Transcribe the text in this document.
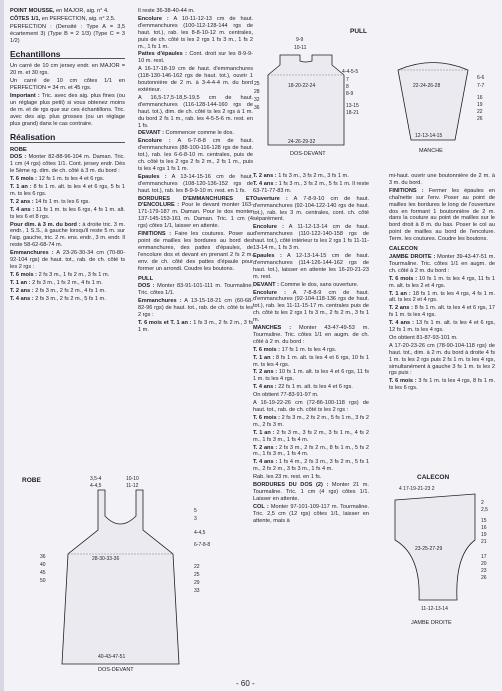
POINT MOUSSE, en MAJOR, aig. n° 4.

CÔTES 1/1, en PERFECTION, aig. n° 2,5.

PERFECTION : (Densité : Type A = 3,5 écartement 3) (Type B = 2 1/3) (Type C = 3 1/2)

Echantillons

Un carré de 10 cm jersey endr. en MAJOR = 20 m. et 30 rgs.

Un carré de 10 cm côtes 1/1 en PERFECTION = 34 m. et 45 rgs.

Important : Tric. avec des aig. plus fines (ou un réglage plus petit) si vous obtenez moins de m. et de rgs que sur ces échantillons. Tric. avec des aig. plus grosses (ou un réglage plus grand) dans le cas contraire.

Réalisation
ROBE

DOS : Monter 82-88-96-104 m. Daman. Tric. 1 cm (4 rgs) côtes 1/1. Cont. jersey endr. Dès le 5ème rg. dim. de ch. côté à 3 m. du bord :

T. 6 mois : 12 fs 1 m. ts les 4 et 6 rgs.

T. 1 an : 8 fs 1 m. alt. ts les 4 et 6 rgs, 5 fs 1 m. ts les 6 rgs.

T. 2 ans : 14 fs 1 m. ts les 6 rgs.

T. 4 ans : 11 fs 1 m. ts les 6 rgs, 4 fs 1 m. alt. ts les 6 et 8 rgs.

Pour dim. à 3 m. du bord : à droite tric. 3 m. endr., 1 S.S., à gauche lorsqu'il reste 5 m. sur l'aig. gauche, tric. 2 m. ens. endr., 3 m. endr. Il reste 58-62-68-74 m.

Emmanchures : A 23-26-30-34 cm (70-80-92-104 rgs) de haut. tot., rab. de ch. côté ts les 2 rgs :

T. 6 mois : 2 fs 3 m., 1 fs 2 m., 3 fs 1 m.

T. 1 an : 2 fs 3 m., 1 fs 2 m., 4 fs 1 m.

T. 2 ans : 2 fs 3 m., 2 fs 2 m., 4 fs 1 m.

T. 4 ans : 2 fs 3 m., 2 fs 2 m., 5 fs 1 m.

Il reste 36-38-40-44 m.

Encolure : A 10-11-12-13 cm de haut. d'emmanchures (100-112-128-144 rgs de haut. tot.), rab. les 8-8-10-12 m. centrales, puis de ch. côté ts les 2 rgs 1 fs 3 m., 1 fs 2 m., 1 fs 1 m.

Pattes d'épaules : Cont. droit sur les 8-9-9-10 m. rest.

A 16-17-18-19 cm de haut. d'emmanchures (118-130-146-162 rgs de haut. tot.), ouvrir 1 boutonnière de 2 m. à 3-4-4-4 m. du bord extérieur.

A 16,5-17,5-18,5-19,5 cm de haut. d'emmanchures (116-128-144-160 rgs de haut. tot.), dim. de ch. côté ts les 2 rgs à 1 m. du bord 2 fs 1 m., rab. les 4-5-5-6 m. rest. en 1 fs.

DEVANT : Commencer comme le dos.

Encolure : A 6-7-8-8 cm de haut. d'emmanchures (88-100-116-128 rgs de haut. tot.), rab. les 6-6-8-10 m. centrales, puis de ch. côté ts les 2 rgs 2 fs 2 m., 2 fs 1 m., puis ts les 4 rgs 1 fs 1 m.

Epaules : A 13-14-15-16 cm de haut. d'emmanchures (108-120-136-152 rgs de haut. tot.), rab. les 8-9-9-10 m. rest. en 1 fs.

BORDURES D'EMMANCHURES ET D'ENCOLURE : Pour le devant monter 163-171-179-187 m. Daman. Pour le dos monter 137-145-153-161 m. Daman. Tric. 1 cm (4 rgs) côtes 1/1, laisser en attente.

FINITIONS : Faire les coutures. Poser au point de mailles les bordures au bord des emmanchures, des pattes d'épaules, de l'encolure dos et devant en prenant 2 fs 2 m. env. de ch. côté des pattes d'épaule pour former un arrondi. Coudre les boutons.

PULL

DOS : Monter 83-91-101-111 m. Tourmaline. Tric. côtes 1/1.

Emmanchures : A 13-15-18-21 cm (60-68-82-96 rgs) de haut. tot., rab. de ch. côté ts les 2 rgs :

T. 6 mois et T. 1 an : 1 fs 3 m., 2 fs 2 m., 3 fs 1 m.

T. 2 ans : 1 fs 3 m., 3 fs 2 m., 3 fs 1 m.

T. 4 ans : 1 fs 3 m., 3 fs 2 m., 5 fs 1 m. Il reste 63-71-77-83 m.

Ouverture : A 7-8-9-10 cm de haut. d'emmanchures (92-104-122-140 rgs de haut. tot.), rab. les 3 m. centrales, cont. ch. côté séparément.

Encolure : A 11-12-13-14 cm de haut. d'emmanchures (110-122-140-158 rgs de haut. tot.), côté intérieur ts les 2 rgs 1 fs 11-11-13-14 m., 1 fs 3 m.

Epaules : A 12-13-14-15 cm de haut. d'emmanchures (114-126-144-162 rgs de haut. tot.), laisser en attente les 16-20-21-23 m. rest.

DEVANT : Comme le dos, sans ouverture.

Encolure : A 7-8-8-9 cm de haut. d'emmanchures (92-104-118-136 rgs de haut. tot.), rab. les 11-11-15-17 m. centrales puis de ch. côté ts les 2 rgs 1 fs 3 m., 2 fs 2 m., 3 fs 1 m.

MANCHES : Monter 43-47-49-53 m. Tourmaline. Tric. côtes 1/1 en augm. de ch. côté à 2 m. du bord :

T. 6 mois : 17 fs 1 m. ts les 4 rgs.

T. 1 an : 8 fs 1 m. alt. ts les 4 et 6 rgs, 10 fs 1 m. ts les 4 rgs.

T. 2 ans : 10 fs 1 m. alt. ts les 4 et 6 rgs, 11 fs 1 m. ts les 4 rgs.

T. 4 ans : 22 fs 1 m. alt. ts les 4 et 6 rgs.

On obtient 77-83-91-97 m.

A 16-19-22-26 cm (72-86-100-118 rgs) de haut. tot., rab. de ch. côté ts les 2 rgs :

T. 6 mois : 2 fs 3 m., 2 fs 2 m., 5 fs 1 m., 3 fs 2 m., 2 fs 3 m.

T. 1 an : 2 fs 3 m., 3 fs 2 m., 3 fs 1 m., 4 fs 2 m., 1 fs 3 m., 1 fs 4 m.

T. 2 ans : 2 fs 3 m., 2 fs 2 m., 8 fs 1 m., 5 fs 2 m., 1 fs 3 m., 1 fs 4 m.

T. 4 ans : 1 fs 4 m., 2 fs 3 m., 3 fs 2 m., 5 fs 1 m., 2 fs 2 m., 3 fs 3 m., 1 fs 4 m.

Rab. les 23 m. rest. en 1 fs.

BORDURES DU DOS (2) : Monter 21 m. Tourmaline. Tric. 1 cm (4 rgs) côtes 1/1. Laisser en attente.

COL : Monter 97-101-109-117 m. Tourmaline. Tric. 2,5 cm (12 rgs) côtes 1/1, laisser en attente, mais à

mi-haut. ouvrir une boutonnière de 2 m. à 3 m. du bord.

FINITIONS : Fermer les épaules en chaînette sur l'env. Poser au point de mailles les bordures le long de l'ouverture dos en formant 1 boutonnière de 2 m. dans la couture au point de mailles sur le bord droit à 8 m. du bas. Poser le col au point de mailles au bord de l'encolure. Term. les coutures. Coudre les boutons.

CALECON

JAMBE DROITE : Monter 39-43-47-51 m. Tourmaline. Tric. côtes 1/1 en augm. de ch. côté à 2 m. du bord :

T. 6 mois : 10 fs 1 m. ts les 4 rgs, 11 fs 1 m. alt. ts les 2 et 4 rgs.

T. 1 an : 18 fs 1 m. ts les 4 rgs, 4 fs 1 m. alt. ts les 2 et 4 rgs.

T. 2 ans : 8 fs 1 m. alt. ts les 4 et 6 rgs, 17 fs 1 m. ts les 4 rgs.

T. 4 ans : 13 fs 1 m. alt. ts les 4 et 6 rgs, 12 fs 1 m. ts les 4 rgs.

On obtient 81-87-93-101 m.

A 17-20-23-26 cm (78-90-104-118 rgs) de haut. tot., dim. à 2 m. du bord à droite 4 fs 1 m. ts les 2 rgs puis 2 fs 1 m. ts les 4 rgs, simultanément à gauche 3 fs 1 m. ts les 2 rgs puis :

T. 6 mois : 3 fs 1 m. ts les 4 rgs, 8 fs 1 m. ts les 6 rgs.

ROBE	3,5-4
4-4,5
10-10
11-12
5
3
4-4,5
6-7-8-8
22
25
29
33
36
40
45
50
28-30-33-36
40-43-47-51
DOS-DEVANT
PULL
9-9
10-11
4-4-5-5
7
8
8-9
13-15
18-21
25
28
32
36
18-20-22-24
24-26-29-32
DOS-DEVANT
6-6
7-7
16
19
22
26
22-24-26-28
12-13-14-15
MANCHE
CALECON
4 17-19-21-23 2
2
2,5
15
16
19
21
17
20
23
26
23-25-27-29
11-12-13-14
JAMBE DROITE
- 60 -
